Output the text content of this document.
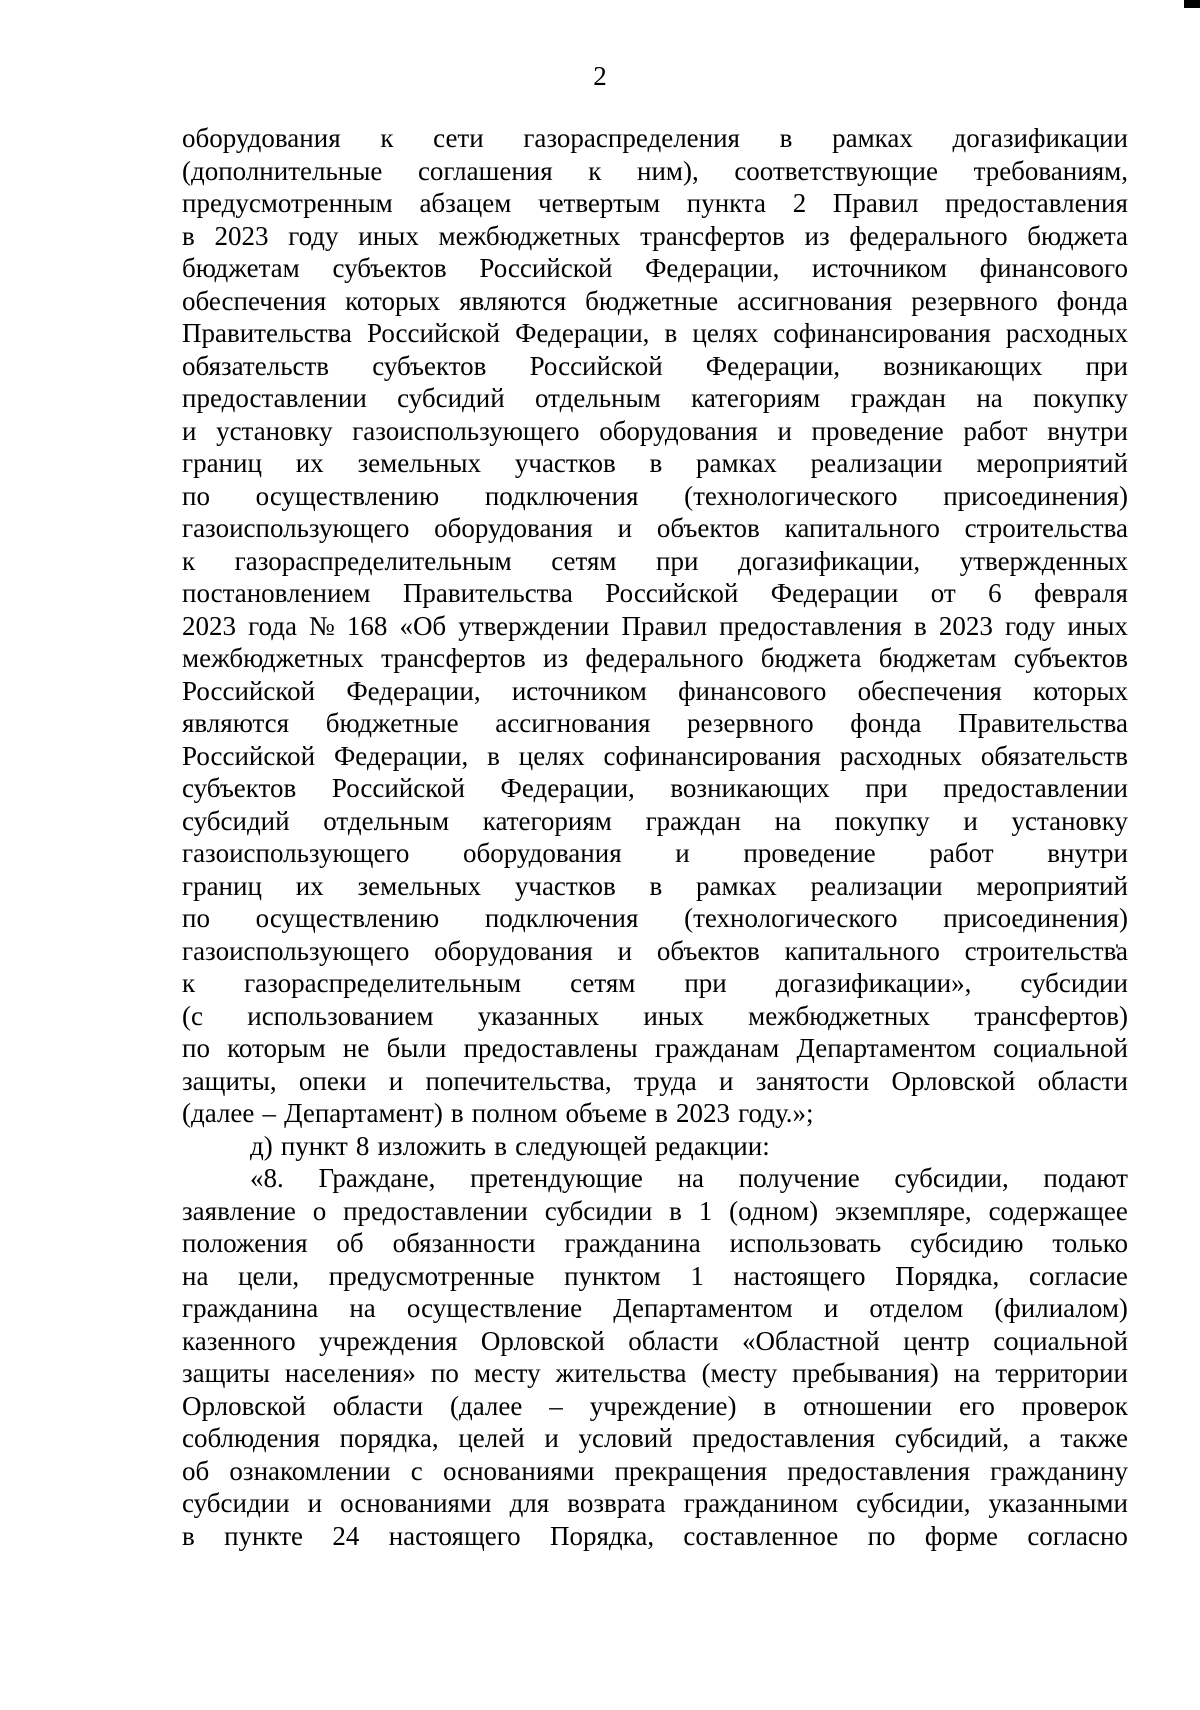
2
оборудования к сети газораспределения в рамках догазификации
(дополнительные соглашения к ним), соответствующие требованиям,
предусмотренным абзацем четвертым пункта 2 Правил предоставления
в 2023 году иных межбюджетных трансфертов из федерального бюджета
бюджетам субъектов Российской Федерации, источником финансового
обеспечения которых являются бюджетные ассигнования резервного фонда
Правительства Российской Федерации, в целях софинансирования расходных
обязательств субъектов Российской Федерации, возникающих при
предоставлении субсидий отдельным категориям граждан на покупку
и установку газоиспользующего оборудования и проведение работ внутри
границ их земельных участков в рамках реализации мероприятий
по осуществлению подключения (технологического присоединения)
газоиспользующего оборудования и объектов капитального строительства
к газораспределительным сетям при догазификации, утвержденных
постановлением Правительства Российской Федерации от 6 февраля
2023 года № 168 «Об утверждении Правил предоставления в 2023 году иных
межбюджетных трансфертов из федерального бюджета бюджетам субъектов
Российской Федерации, источником финансового обеспечения которых
являются бюджетные ассигнования резервного фонда Правительства
Российской Федерации, в целях софинансирования расходных обязательств
субъектов Российской Федерации, возникающих при предоставлении
субсидий отдельным категориям граждан на покупку и установку
газоиспользующего оборудования и проведение работ внутри
границ их земельных участков в рамках реализации мероприятий
по осуществлению подключения (технологического присоединения)
газоиспользующего оборудования и объектов капитального строительства
к газораспределительным сетям при догазификации», субсидии
(с использованием указанных иных межбюджетных трансфертов)
по которым не были предоставлены гражданам Департаментом социальной
защиты, опеки и попечительства, труда и занятости Орловской области
(далее – Департамент) в полном объеме в 2023 году.»;
д) пункт 8 изложить в следующей редакции:
«8. Граждане, претендующие на получение субсидии, подают
заявление о предоставлении субсидии в 1 (одном) экземпляре, содержащее
положения об обязанности гражданина использовать субсидию только
на цели, предусмотренные пунктом 1 настоящего Порядка, согласие
гражданина на осуществление Департаментом и отделом (филиалом)
казенного учреждения Орловской области «Областной центр социальной
защиты населения» по месту жительства (месту пребывания) на территории
Орловской области (далее – учреждение) в отношении его проверок
соблюдения порядка, целей и условий предоставления субсидий, а также
об ознакомлении с основаниями прекращения предоставления гражданину
субсидии и основаниями для возврата гражданином субсидии, указанными
в пункте 24 настоящего Порядка, составленное по форме согласно
